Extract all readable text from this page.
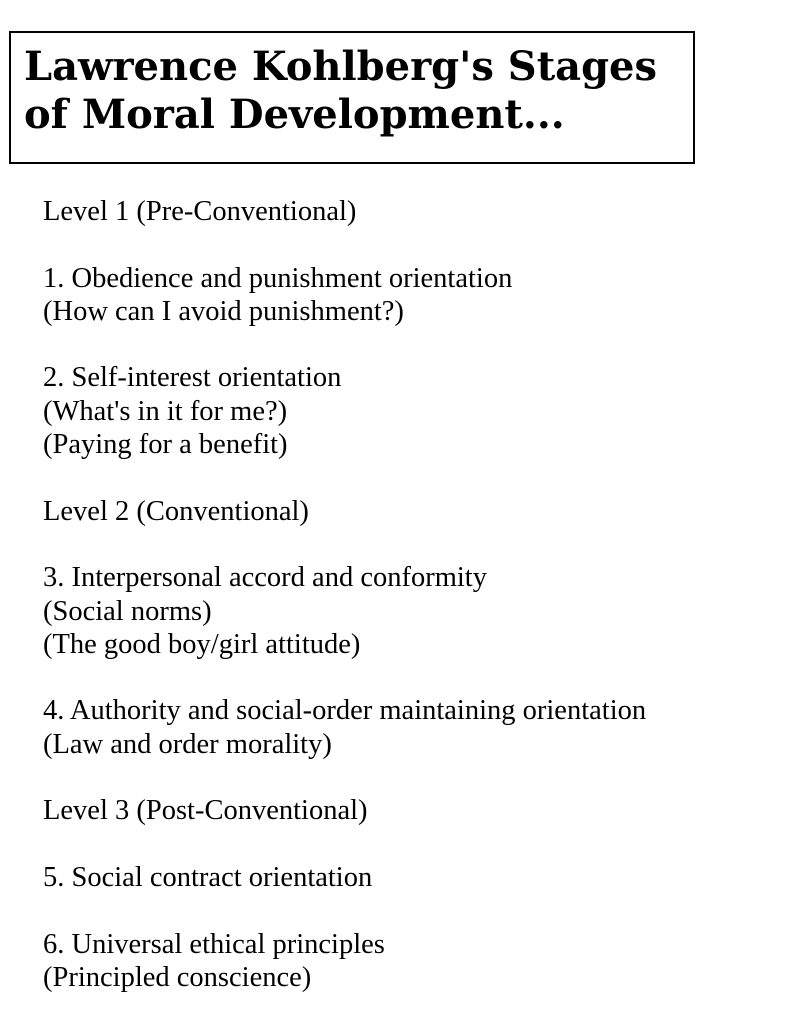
Lawrence Kohlberg's Stages
of Moral Development...
Level 1 (Pre-Conventional)
1. Obedience and punishment orientation
(How can I avoid punishment?)
2. Self-interest orientation
(What's in it for me?)
(Paying for a benefit)
Level 2 (Conventional)
3. Interpersonal accord and conformity
(Social norms)
(The good boy/girl attitude)
4. Authority and social-order maintaining orientation
(Law and order morality)
Level 3 (Post-Conventional)
5. Social contract orientation
6. Universal ethical principles
(Principled conscience)
